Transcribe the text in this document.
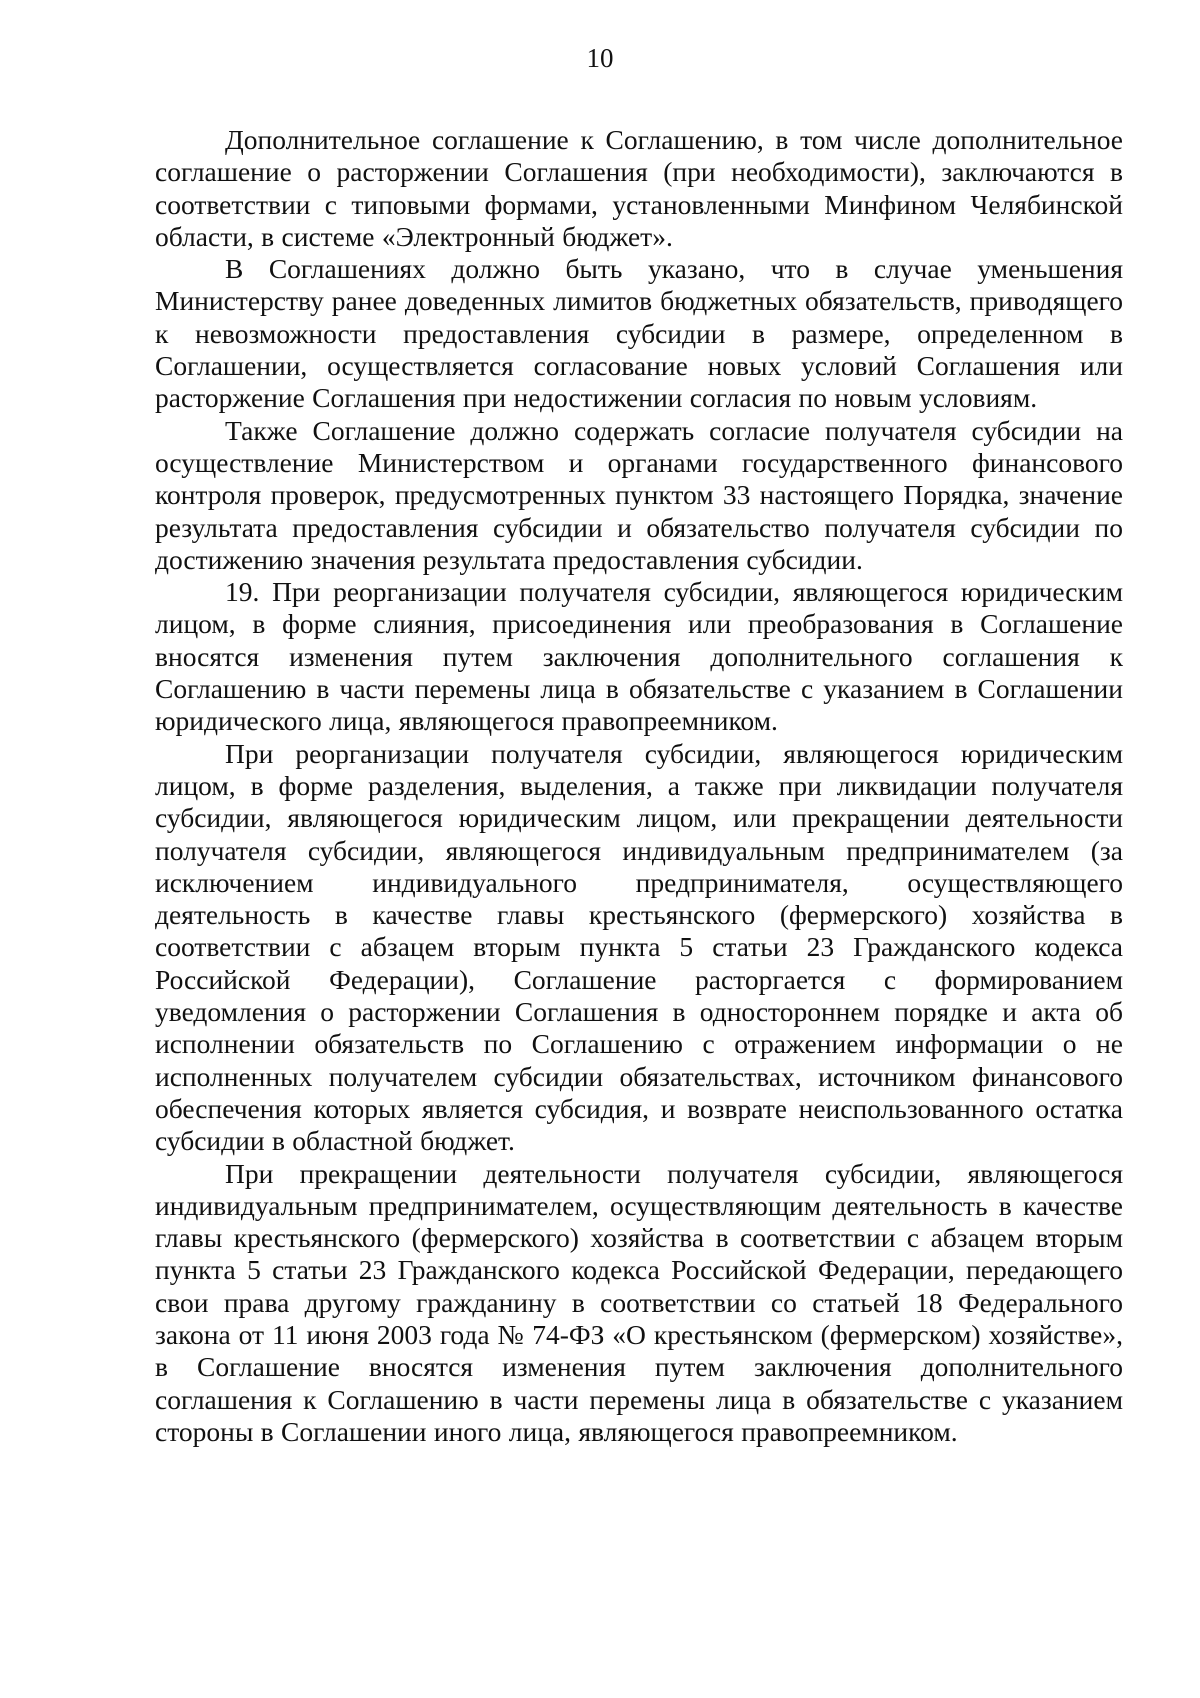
10

Дополнительное соглашение к Соглашению, в том числе дополнительное соглашение о расторжении Соглашения (при необходимости), заключаются в соответствии с типовыми формами, установленными Минфином Челябинской области, в системе «Электронный бюджет».

В Соглашениях должно быть указано, что в случае уменьшения Министерству ранее доведенных лимитов бюджетных обязательств, приводящего к невозможности предоставления субсидии в размере, определенном в Соглашении, осуществляется согласование новых условий Соглашения или расторжение Соглашения при недостижении согласия по новым условиям.

Также Соглашение должно содержать согласие получателя субсидии на осуществление Министерством и органами государственного финансового контроля проверок, предусмотренных пунктом 33 настоящего Порядка, значение результата предоставления субсидии и обязательство получателя субсидии по достижению значения результата предоставления субсидии.

19. При реорганизации получателя субсидии, являющегося юридическим лицом, в форме слияния, присоединения или преобразования в Соглашение вносятся изменения путем заключения дополнительного соглашения к Соглашению в части перемены лица в обязательстве с указанием в Соглашении юридического лица, являющегося правопреемником.

При реорганизации получателя субсидии, являющегося юридическим лицом, в форме разделения, выделения, а также при ликвидации получателя субсидии, являющегося юридическим лицом, или прекращении деятельности получателя субсидии, являющегося индивидуальным предпринимателем (за исключением индивидуального предпринимателя, осуществляющего деятельность в качестве главы крестьянского (фермерского) хозяйства в соответствии с абзацем вторым пункта 5 статьи 23 Гражданского кодекса Российской Федерации), Соглашение расторгается с формированием уведомления о расторжении Соглашения в одностороннем порядке и акта об исполнении обязательств по Соглашению с отражением информации о не исполненных получателем субсидии обязательствах, источником финансового обеспечения которых является субсидия, и возврате неиспользованного остатка субсидии в областной бюджет.

При прекращении деятельности получателя субсидии, являющегося индивидуальным предпринимателем, осуществляющим деятельность в качестве главы крестьянского (фермерского) хозяйства в соответствии с абзацем вторым пункта 5 статьи 23 Гражданского кодекса Российской Федерации, передающего свои права другому гражданину в соответствии со статьей 18 Федерального закона от 11 июня 2003 года № 74-ФЗ «О крестьянском (фермерском) хозяйстве», в Соглашение вносятся изменения путем заключения дополнительного соглашения к Соглашению в части перемены лица в обязательстве с указанием стороны в Соглашении иного лица, являющегося правопреемником.
